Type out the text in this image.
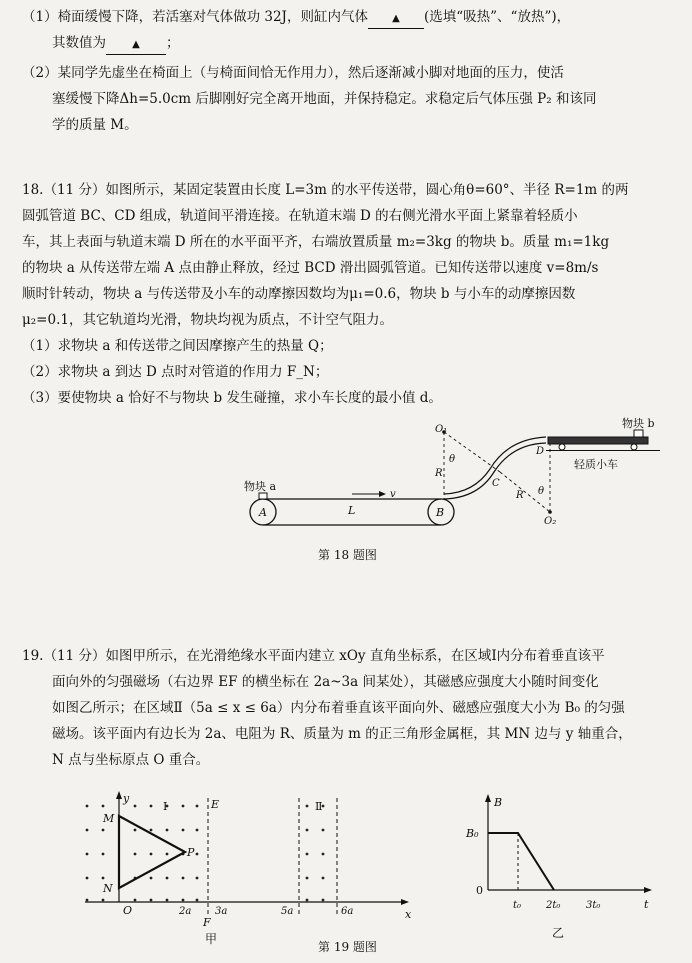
（1）椅面缓慢下降，若活塞对气体做功 32J，则缸内气体 ▲ (选填“吸热”、“放热”)，
其数值为	▲ ；
（2）某同学先虚坐在椅面上（与椅面间恰无作用力），然后逐渐减小脚对地面的压力，使活
塞缓慢下降Δh=5.0cm 后脚刚好完全离开地面，并保持稳定。求稳定后气体压强 P₂ 和该同
学的质量 M。
18.（11 分）如图所示，某固定装置由长度 L=3m 的水平传送带，圆心角θ=60°、半径 R=1m 的两
圆弧管道 BC、CD 组成，轨道间平滑连接。在轨道末端 D 的右侧光滑水平面上紧靠着轻质小
车，其上表面与轨道末端 D 所在的水平面平齐，右端放置质量 m₂=3kg 的物块 b。质量 m₁=1kg
的物块 a 从传送带左端 A 点由静止释放，经过 BCD 滑出圆弧管道。已知传送带以速度 v=8m/s
顺时针转动，物块 a 与传送带及小车的动摩擦因数均为μ₁=0.6，物块 b 与小车的动摩擦因数
μ₂=0.1，其它轨道均光滑，物块均视为质点，不计空气阻力。
（1）求物块 a 和传送带之间因摩擦产生的热量 Q；
（2）求物块 a 到达 D 点时对管道的作用力 F_N；
（3）要使物块 a 恰好不与物块 b 发生碰撞，求小车长度的最小值 d。
A	B
L
物块 a
v
O₁
O₂
θ
θ
R
R
C
D
物块 b
轻质小车
第 18 题图
19.（11 分）如图甲所示，在光滑绝缘水平面内建立 xOy 直角坐标系，在区域Ⅰ内分布着垂直该平
面向外的匀强磁场（右边界 EF 的横坐标在 2a~3a 间某处），其磁感应强度大小随时间变化
如图乙所示；在区域Ⅱ（5a ≤ x ≤ 6a）内分布着垂直该平面向外、磁感应强度大小为 B₀ 的匀强
磁场。该平面内有边长为 2a、电阻为 R、质量为 m 的正三角形金属框，其 MN 边与 y 轴重合，
N 点与坐标原点 O 重合。
y
x
M
N
P
O
E
F
Ⅰ	Ⅱ
2a 3a	5a	6a
甲
第 19 题图
B
t
B₀
0
t₀ 2t₀	3t₀
乙
